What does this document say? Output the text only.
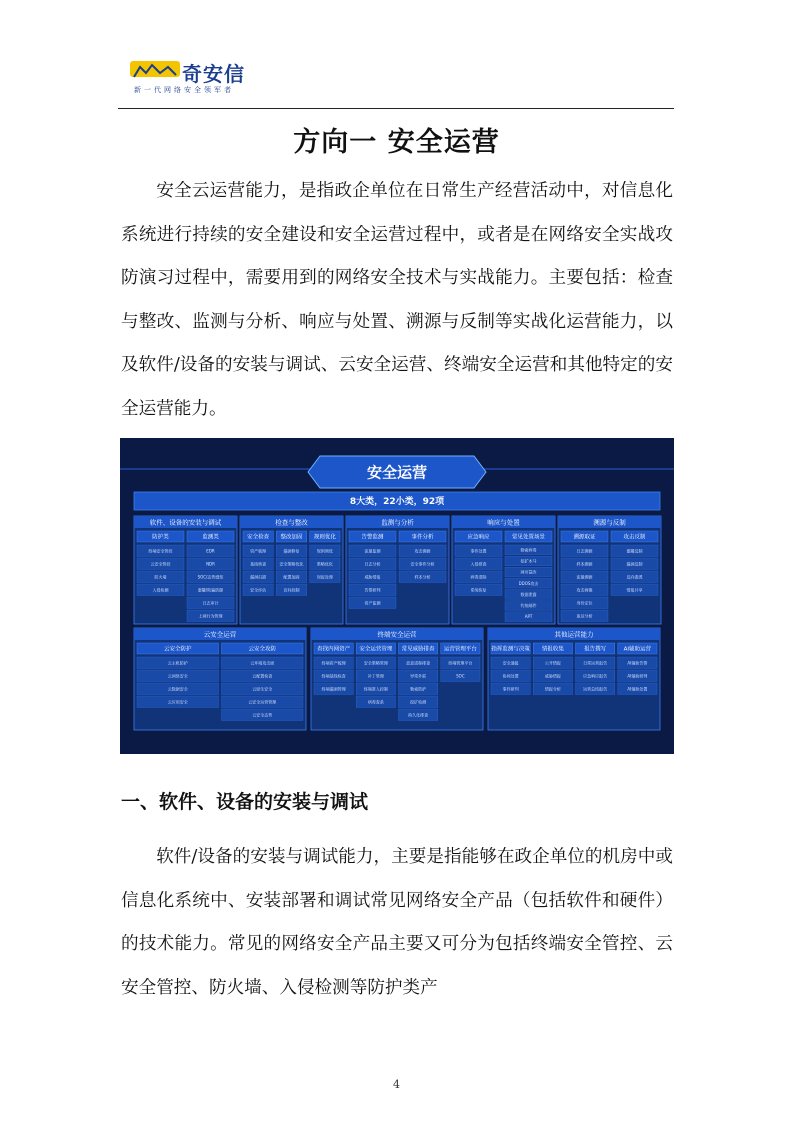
奇安信
新一代网络安全领军者
方向一 安全运营

安全云运营能力，是指政企单位在日常生产经营活动中，对信息化系统进行持续的安全建设和安全运营过程中，或者是在网络安全实战攻防演习过程中，需要用到的网络安全技术与实战能力。主要包括：检查与整改、监测与分析、响应与处置、溯源与反制等实战化运营能力，以及软件/设备的安装与调试、云安全运营、终端安全运营和其他特定的安全运营能力。

安全运营
8大类，22小类，92项
软件、设备的安装与调试
防护类
终端安全管控
云安全管控
防火墙
入侵检测
监测类
EDR
NDR
SOC/态势感知
蜜罐/欺骗防御
日志审计
上网行为管理
检查与整改
安全检查
资产梳理
基线核查
漏洞扫描
安全评估
整改加固
漏洞修复
安全策略优化
配置加固
访问控制
规则优化
规则调优
策略优化
误报处理
监测与分析
告警监测
流量监测
日志分析
威胁情报
告警研判
资产监测
事件分析
攻击溯源
安全事件分析
样本分析
响应与处置
应急响应
事件处置
入侵排查
病毒清除
系统恢复
常见处置场景
勒索病毒
挖矿木马
网页篡改
DDOS攻击
数据泄露
钓鱼邮件
APT
溯源与反制
溯源取证
日志溯源
样本溯源
流量溯源
攻击画像
身份定位
取证分析
攻击反制
蜜罐反制
漏洞反制
反向渗透
情报共享
云安全运营
云安全防护
云主机防护
云网络安全
云数据安全
云应用安全
云安全攻防
云环境攻击面
云配置检查
云原生安全
云安全运营管理
云安全态势
终端安全运营
查找内网资产
终端资产梳理
终端基线检查
终端漏洞管理
安全运营管理
安全策略管理
补丁管理
终端准入控制
病毒查杀
常见威胁排查
恶意进程排查
异常外联
勒索防护
挖矿检测
持久化排查
运营管理平台
终端管理平台
SOC
其他运营能力
指挥监测与决策
安全通报
协同处置
事件研判
情报收集
公开情报
威胁情报
情报分析
报告撰写
日常运营报告
应急响应报告
运营总结报告
AI辅助运营
AI辅助告警
AI辅助研判
AI辅助处置
一、软件、设备的安装与调试

软件/设备的安装与调试能力，主要是指能够在政企单位的机房中或信息化系统中、安装部署和调试常见网络安全产品（包括软件和硬件）的技术能力。常见的网络安全产品主要又可分为包括终端安全管控、云安全管控、防火墙、入侵检测等防护类产

4
